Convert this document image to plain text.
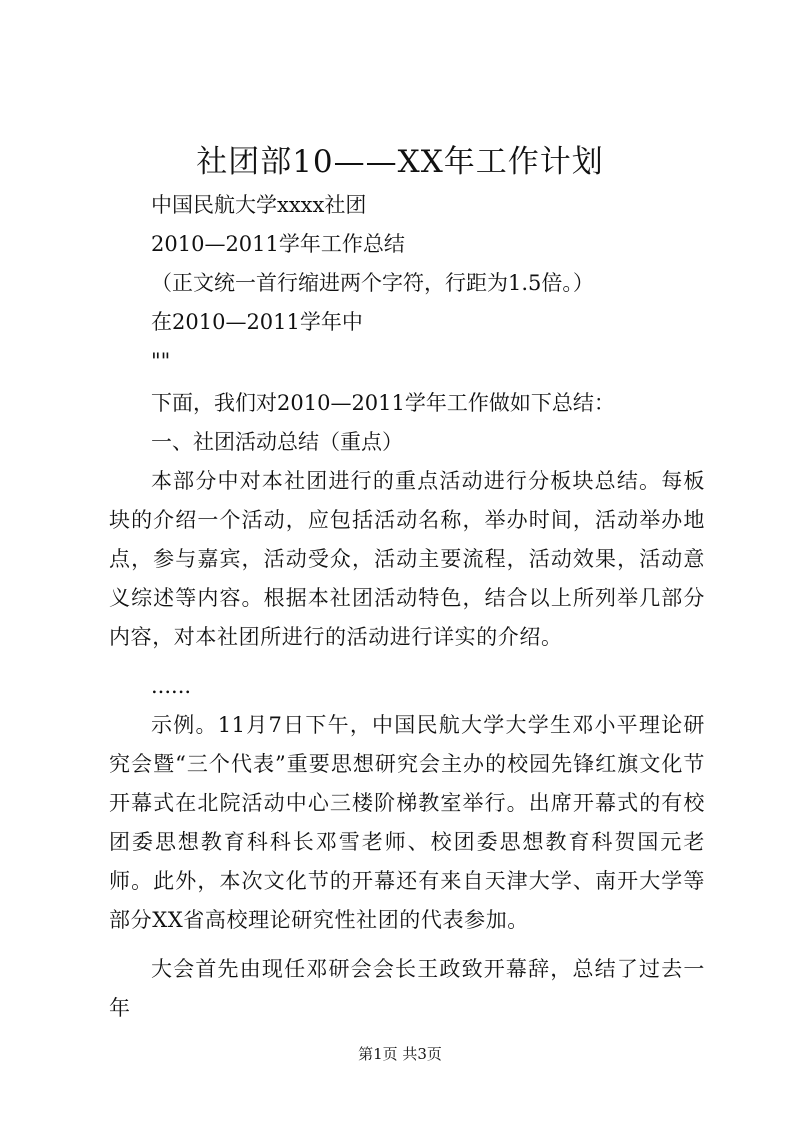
社团部10——XX年工作计划

中国民航大学xxxx社团

2010—2011学年工作总结

（正文统一首行缩进两个字符，行距为1.5倍。）

在2010—2011学年中

""

下面，我们对2010—2011学年工作做如下总结：

一、社团活动总结（重点）

本部分中对本社团进行的重点活动进行分板块总结。每板块的介绍一个活动，应包括活动名称，举办时间，活动举办地点，参与嘉宾，活动受众，活动主要流程，活动效果，活动意义综述等内容。根据本社团活动特色，结合以上所列举几部分内容，对本社团所进行的活动进行详实的介绍。

......

示例。11月7日下午，中国民航大学大学生邓小平理论研究会暨“三个代表”重要思想研究会主办的校园先锋红旗文化节开幕式在北院活动中心三楼阶梯教室举行。出席开幕式的有校团委思想教育科科长邓雪老师、校团委思想教育科贺国元老师。此外，本次文化节的开幕还有来自天津大学、南开大学等部分XX省高校理论研究性社团的代表参加。

大会首先由现任邓研会会长王政致开幕辞，总结了过去一年

第1页 共3页
